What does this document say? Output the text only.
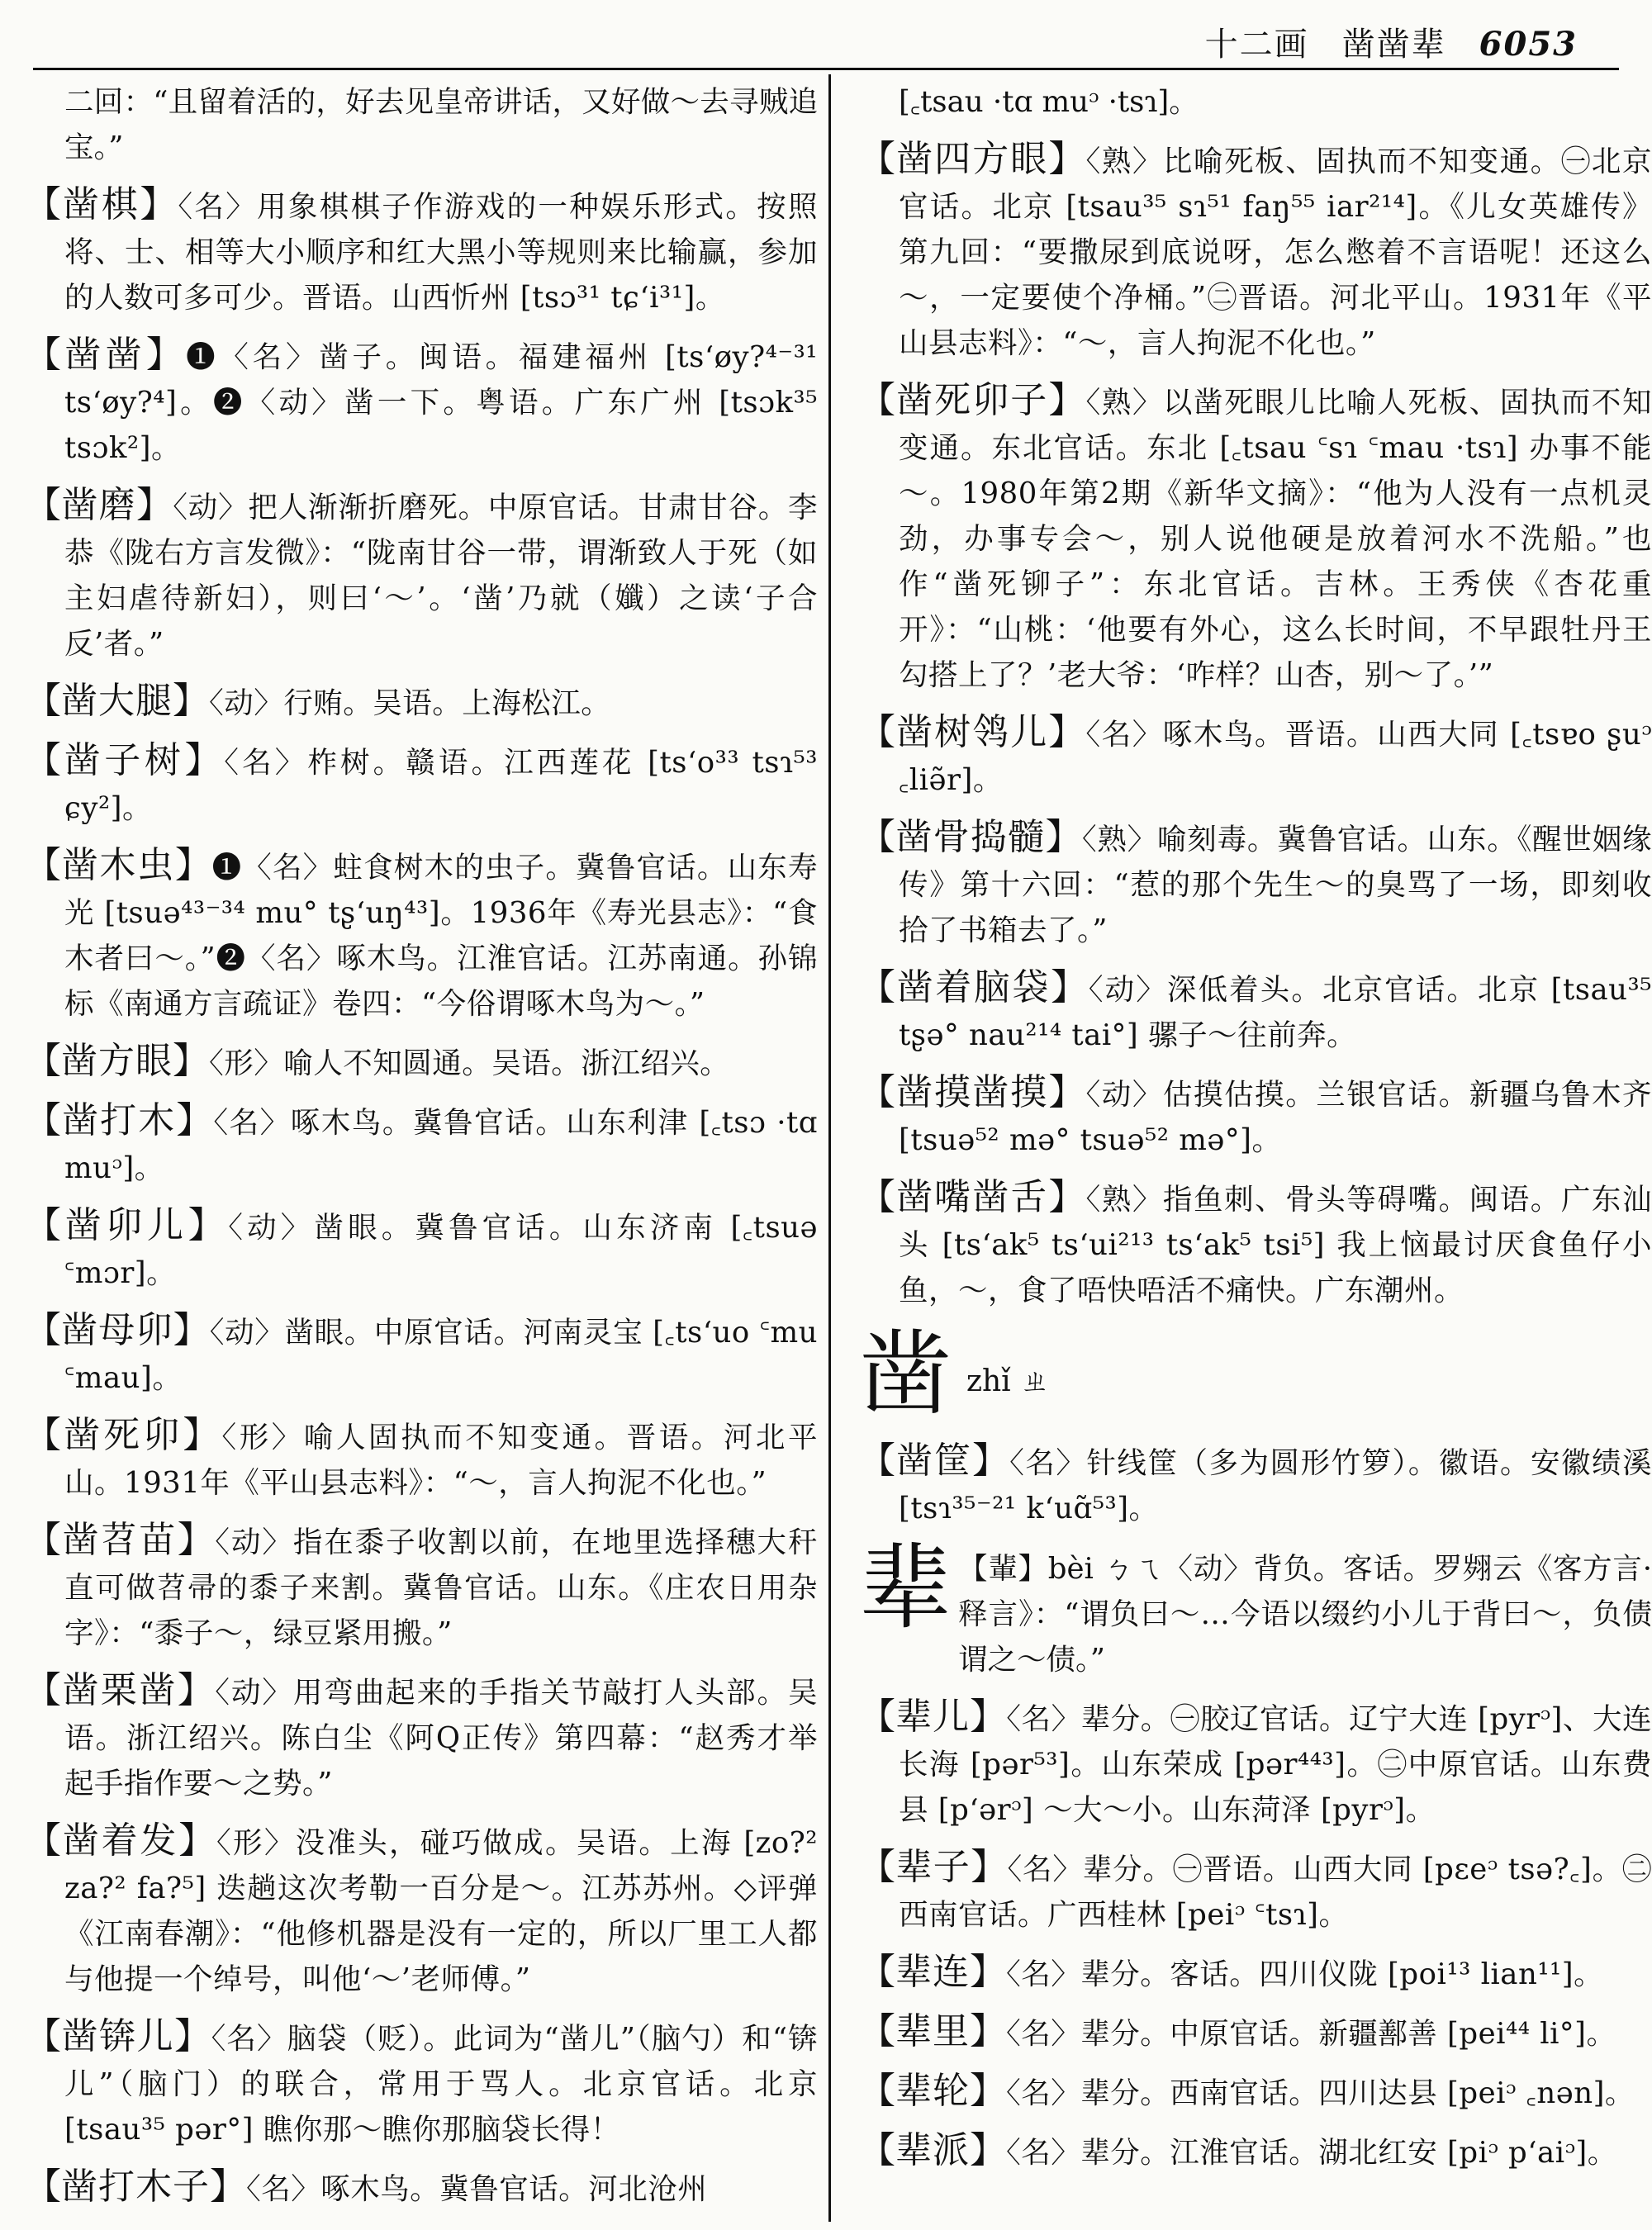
十二画 凿凿辈 6053
二回：“且留着活的，好去见皇帝讲话，又好做～去寻贼追宝。”
【凿棋】〈名〉用象棋棋子作游戏的一种娱乐形式。按照将、士、相等大小顺序和红大黑小等规则来比输赢，参加的人数可多可少。晋语。山西忻州 [tsɔ³¹ tɕ‘i³¹]。
【凿凿】❶〈名〉凿子。闽语。福建福州 [ts‘øy?⁴⁻³¹ ts‘øy?⁴]。❷〈动〉凿一下。粤语。广东广州 [tsɔk³⁵ tsɔk²]。
【凿磨】〈动〉把人渐渐折磨死。中原官话。甘肃甘谷。李恭《陇右方言发微》：“陇南甘谷一带，谓渐致人于死（如主妇虐待新妇），则曰‘～’。‘凿’乃就（孅）之读‘子合反’者。”
【凿大腿】〈动〉行贿。吴语。上海松江。
【凿子树】〈名〉柞树。赣语。江西莲花 [ts‘o³³ tsɿ⁵³ ɕy²]。
【凿木虫】❶〈名〉蛀食树木的虫子。冀鲁官话。山东寿光 [tsuə⁴³⁻³⁴ mu° tʂ‘uŋ⁴³]。1936年《寿光县志》：“食木者曰～。”❷〈名〉啄木鸟。江淮官话。江苏南通。孙锦标《南通方言疏证》卷四：“今俗谓啄木鸟为～。”
【凿方眼】〈形〉喻人不知圆通。吴语。浙江绍兴。
【凿打木】〈名〉啄木鸟。冀鲁官话。山东利津 [꜀tsɔ ·tɑ muᵓ]。
【凿卯儿】〈动〉凿眼。冀鲁官话。山东济南 [꜀tsuə ꜂mɔr]。
【凿母卯】〈动〉凿眼。中原官话。河南灵宝 [꜀ts‘uo ꜂mu ꜂mau]。
【凿死卯】〈形〉喻人固执而不知变通。晋语。河北平山。1931年《平山县志料》：“～，言人拘泥不化也。”
【凿苕苗】〈动〉指在黍子收割以前，在地里选择穗大秆直可做苕帚的黍子来割。冀鲁官话。山东。《庄农日用杂字》：“黍子～，绿豆紧用搬。”
【凿栗凿】〈动〉用弯曲起来的手指关节敲打人头部。吴语。浙江绍兴。陈白尘《阿Q正传》第四幕：“赵秀才举起手指作要～之势。”
【凿着发】〈形〉没准头，碰巧做成。吴语。上海 [zo?² za?² fa?⁵] 迭趟这次考勒一百分是～。江苏苏州。◇评弹《江南春潮》：“他修机器是没有一定的，所以厂里工人都与他提一个绰号，叫他‘～’老师傅。”
【凿锛儿】〈名〉脑袋（贬）。此词为“凿儿”（脑勺）和“锛儿”（脑门）的联合，常用于骂人。北京官话。北京 [tsau³⁵ pər°] 瞧你那～瞧你那脑袋长得！
【凿打木子】〈名〉啄木鸟。冀鲁官话。河北沧州
[꜀tsau ·tɑ muᵓ ·tsɿ]。
【凿四方眼】〈熟〉比喻死板、固执而不知变通。㊀北京官话。北京 [tsau³⁵ sɿ⁵¹ faŋ⁵⁵ iar²¹⁴]。《儿女英雄传》第九回：“要撒尿到底说呀，怎么憋着不言语呢！还这么～，一定要使个净桶。”㊁晋语。河北平山。1931年《平山县志料》：“～，言人拘泥不化也。”
【凿死卯子】〈熟〉以凿死眼儿比喻人死板、固执而不知变通。东北官话。东北 [꜀tsau ꜂sɿ ꜂mau ·tsɿ] 办事不能～。1980年第2期《新华文摘》：“他为人没有一点机灵劲，办事专会～，别人说他硬是放着河水不洗船。”也作“凿死铆子”：东北官话。吉林。王秀侠《杏花重开》：“山桃：‘他要有外心，这么长时间，不早跟牡丹王勾搭上了？’老大爷：‘咋样？山杏，别～了。’”
【凿树鸰儿】〈名〉啄木鸟。晋语。山西大同 [꜀tsɐo ʂuᵓ ꜀liə̃r]。
【凿骨捣髓】〈熟〉喻刻毒。冀鲁官话。山东。《醒世姻缘传》第十六回：“惹的那个先生～的臭骂了一场，即刻收拾了书箱去了。”
【凿着脑袋】〈动〉深低着头。北京官话。北京 [tsau³⁵ tʂə° nau²¹⁴ tai°] 骡子～往前奔。
【凿摸凿摸】〈动〉估摸估摸。兰银官话。新疆乌鲁木齐 [tsuə⁵² mə° tsuə⁵² mə°]。
【凿嘴凿舌】〈熟〉指鱼刺、骨头等碍嘴。闽语。广东汕头 [ts‘ak⁵ ts‘ui²¹³ ts‘ak⁵ tsi⁵] 我上恼最讨厌食鱼仔小鱼，～，食了唔快唔活不痛快。广东潮州。
凿zhǐ ㄓ
【凿筐】〈名〉针线筐（多为圆形竹箩）。徽语。安徽绩溪 [tsɿ³⁵⁻²¹ k‘uɑ̃⁵³]。
辈 【輩】bèi ㄅㄟ〈动〉背负。客话。罗翙云《客方言·释言》：“谓负曰～…今语以缀约小儿于背曰～，负债谓之～债。”
【辈儿】〈名〉辈分。㊀胶辽官话。辽宁大连 [pyrᵓ]、大连长海 [pər⁵³]。山东荣成 [pər⁴⁴³]。㊁中原官话。山东费县 [p‘ərᵓ] ～大～小。山东菏泽 [pyrᵓ]。
【辈子】〈名〉辈分。㊀晋语。山西大同 [pɛeᵓ tsə?꜀]。㊁西南官话。广西桂林 [peiᵓ ꜂tsɿ]。
【辈连】〈名〉辈分。客话。四川仪陇 [poi¹³ lian¹¹]。
【辈里】〈名〉辈分。中原官话。新疆鄯善 [pei⁴⁴ li°]。
【辈轮】〈名〉辈分。西南官话。四川达县 [peiᵓ ꜀nən]。
【辈派】〈名〉辈分。江淮官话。湖北红安 [piᵓ p‘aiᵓ]。
